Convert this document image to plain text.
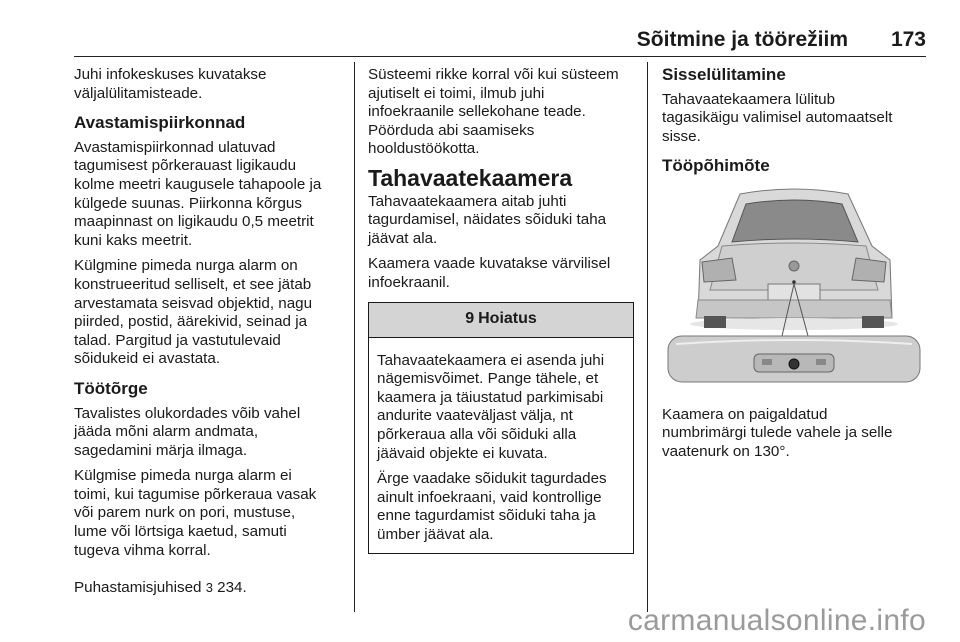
Sõitmine ja töörežiim 173

Juhi infokeskuses kuvatakse
väljalülitamisteade.

Avastamispiirkonnad

Avastamispiirkonnad ulatuvad
tagumisest põrkerauast ligikaudu
kolme meetri kaugusele tahapoole ja
külgede suunas. Piirkonna kõrgus
maapinnast on ligikaudu 0,5 meetrit
kuni kaks meetrit.

Külgmine pimeda nurga alarm on
konstrueeritud selliselt, et see jätab
arvestamata seisvad objektid, nagu
piirded, postid, äärekivid, seinad ja
talad. Pargitud ja vastutulevaid
sõidukeid ei avastata.

Töötõrge

Tavalistes olukordades võib vahel
jääda mõni alarm andmata,
sagedamini märja ilmaga.

Külgmise pimeda nurga alarm ei
toimi, kui tagumise põrkeraua vasak
või parem nurk on pori, mustuse,
lume või lörtsiga kaetud, samuti
tugeva vihma korral.

Puhastamisjuhised 3 234.

Süsteemi rikke korral või kui süsteem
ajutiselt ei toimi, ilmub juhi
infoekraanile sellekohane teade.
Pöörduda abi saamiseks
hooldustöökotta.

Tahavaatekaamera

Tahavaatekaamera aitab juhti
tagurdamisel, näidates sõiduki taha
jäävat ala.

Kaamera vaade kuvatakse värvilisel
infoekraanil.

9 Hoiatus

Tahavaatekaamera ei asenda juhi
nägemisvõimet. Pange tähele, et
kaamera ja täiustatud parkimisabi
andurite vaateväljast välja, nt
põrkeraua alla või sõiduki alla
jäävaid objekte ei kuvata.

Ärge vaadake sõidukit tagurdades
ainult infoekraani, vaid kontrollige
enne tagurdamist sõiduki taha ja
ümber jäävat ala.

Sisselülitamine

Tahavaatekaamera lülitub
tagasikäigu valimisel automaatselt
sisse.

Tööpõhimõte

Kaamera on paigaldatud
numbrimärgi tulede vahele ja selle
vaatenurk on 130°.

carmanualsonline.info
